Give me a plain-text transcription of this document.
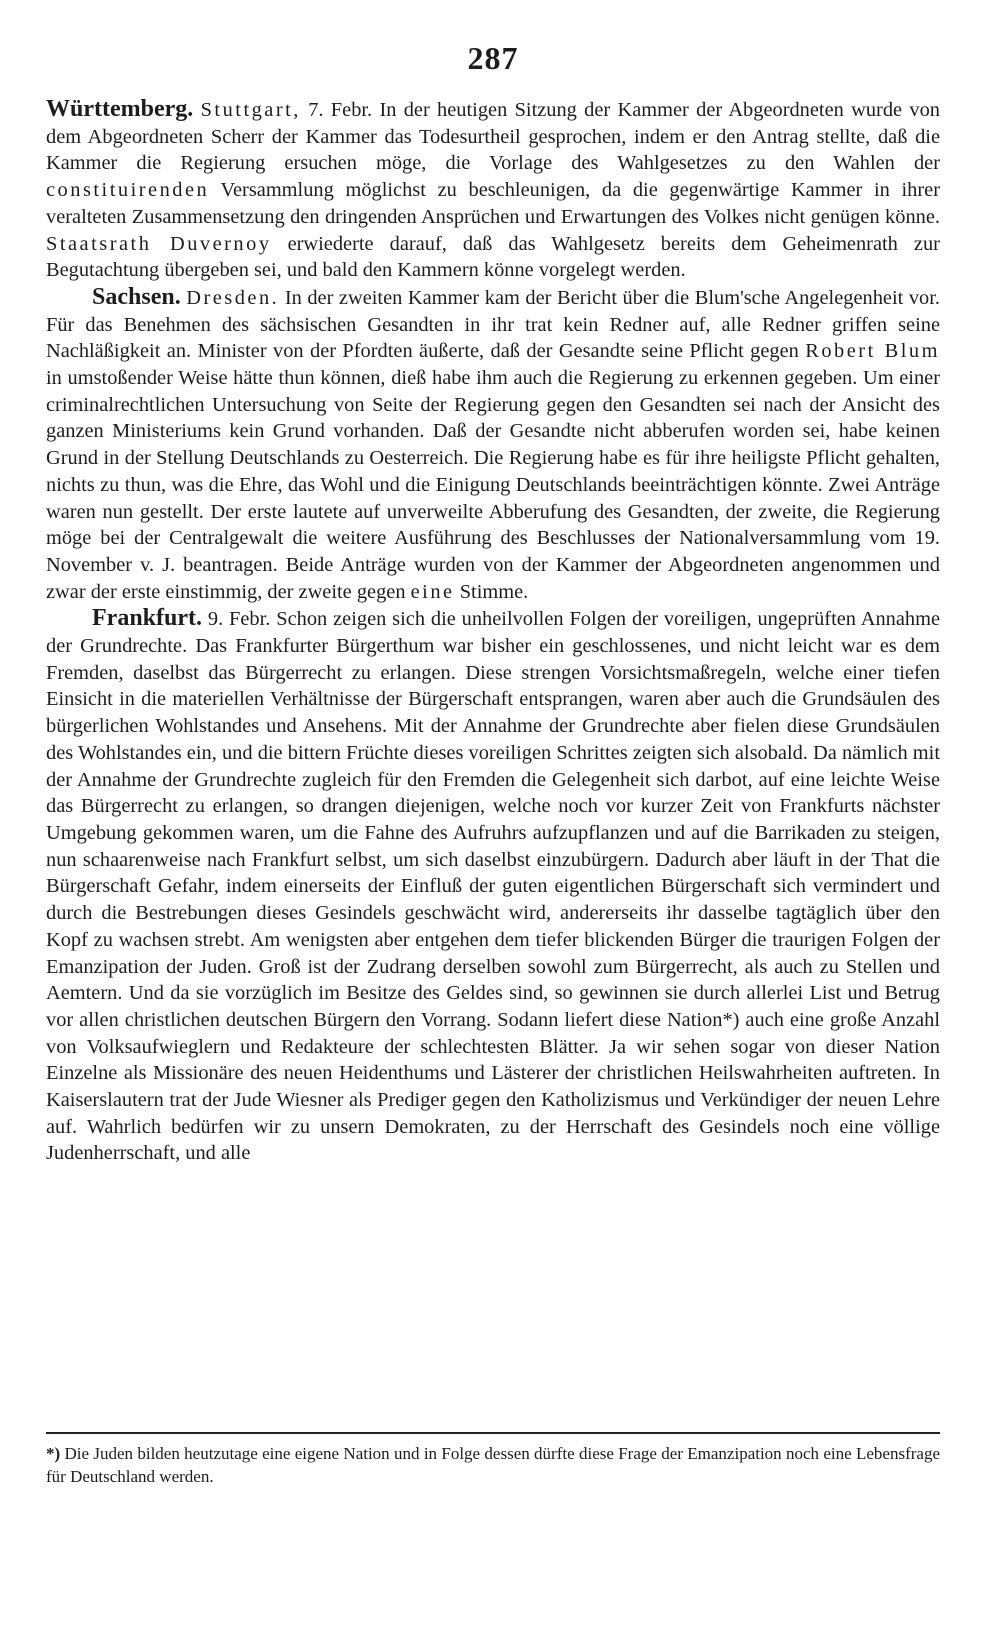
287

Württemberg. Stuttgart, 7. Febr. In der heutigen Sitzung der Kammer der Abgeordneten wurde von dem Abgeordneten Scherr der Kammer das Todesurtheil gesprochen, indem er den Antrag stellte, daß die Kammer die Regierung ersuchen möge, die Vorlage des Wahlgesetzes zu den Wahlen der constituirenden Versammlung möglichst zu beschleunigen, da die gegenwärtige Kammer in ihrer veralteten Zusammensetzung den dringenden Ansprüchen und Erwartungen des Volkes nicht genügen könne. Staatsrath Duvernoy erwiederte darauf, daß das Wahlgesetz bereits dem Geheimenrath zur Begutachtung übergeben sei, und bald den Kammern könne vorgelegt werden.

Sachsen. Dresden. In der zweiten Kammer kam der Bericht über die Blum'sche Angelegenheit vor. Für das Benehmen des sächsischen Gesandten in ihr trat kein Redner auf, alle Redner griffen seine Nachläßigkeit an. Minister von der Pfordten äußerte, daß der Gesandte seine Pflicht gegen Robert Blum in umstoßender Weise hätte thun können, dieß habe ihm auch die Regierung zu erkennen gegeben. Um einer criminalrechtlichen Untersuchung von Seite der Regierung gegen den Gesandten sei nach der Ansicht des ganzen Ministeriums kein Grund vorhanden. Daß der Gesandte nicht abberufen worden sei, habe keinen Grund in der Stellung Deutschlands zu Oesterreich. Die Regierung habe es für ihre heiligste Pflicht gehalten, nichts zu thun, was die Ehre, das Wohl und die Einigung Deutschlands beeinträchtigen könnte. Zwei Anträge waren nun gestellt. Der erste lautete auf unverweilte Abberufung des Gesandten, der zweite, die Regierung möge bei der Centralgewalt die weitere Ausführung des Beschlusses der Nationalversammlung vom 19. November v. J. beantragen. Beide Anträge wurden von der Kammer der Abgeordneten angenommen und zwar der erste einstimmig, der zweite gegen eine Stimme.

Frankfurt. 9. Febr. Schon zeigen sich die unheilvollen Folgen der voreiligen, ungeprüften Annahme der Grundrechte. Das Frankfurter Bürgerthum war bisher ein geschlossenes, und nicht leicht war es dem Fremden, daselbst das Bürgerrecht zu erlangen. Diese strengen Vorsichtsmaßregeln, welche einer tiefen Einsicht in die materiellen Verhältnisse der Bürgerschaft entsprangen, waren aber auch die Grundsäulen des bürgerlichen Wohlstandes und Ansehens. Mit der Annahme der Grundrechte aber fielen diese Grundsäulen des Wohlstandes ein, und die bittern Früchte dieses voreiligen Schrittes zeigten sich alsobald. Da nämlich mit der Annahme der Grundrechte zugleich für den Fremden die Gelegenheit sich darbot, auf eine leichte Weise das Bürgerrecht zu erlangen, so drangen diejenigen, welche noch vor kurzer Zeit von Frankfurts nächster Umgebung gekommen waren, um die Fahne des Aufruhrs aufzupflanzen und auf die Barrikaden zu steigen, nun schaarenweise nach Frankfurt selbst, um sich daselbst einzubürgern. Dadurch aber läuft in der That die Bürgerschaft Gefahr, indem einerseits der Einfluß der guten eigentlichen Bürgerschaft sich vermindert und durch die Bestrebungen dieses Gesindels geschwächt wird, andererseits ihr dasselbe tagtäglich über den Kopf zu wachsen strebt. Am wenigsten aber entgehen dem tiefer blickenden Bürger die traurigen Folgen der Emanzipation der Juden. Groß ist der Zudrang derselben sowohl zum Bürgerrecht, als auch zu Stellen und Aemtern. Und da sie vorzüglich im Besitze des Geldes sind, so gewinnen sie durch allerlei List und Betrug vor allen christlichen deutschen Bürgern den Vorrang. Sodann liefert diese Nation*) auch eine große Anzahl von Volksaufwieglern und Redakteure der schlechtesten Blätter. Ja wir sehen sogar von dieser Nation Einzelne als Missionäre des neuen Heidenthums und Lästerer der christlichen Heilswahrheiten auftreten. In Kaiserslautern trat der Jude Wiesner als Prediger gegen den Katholizismus und Verkündiger der neuen Lehre auf. Wahrlich bedürfen wir zu unsern Demokraten, zu der Herrschaft des Gesindels noch eine völlige Judenherrschaft, und alle

*) Die Juden bilden heutzutage eine eigene Nation und in Folge dessen dürfte diese Frage der Emanzipation noch eine Lebensfrage für Deutschland werden.
